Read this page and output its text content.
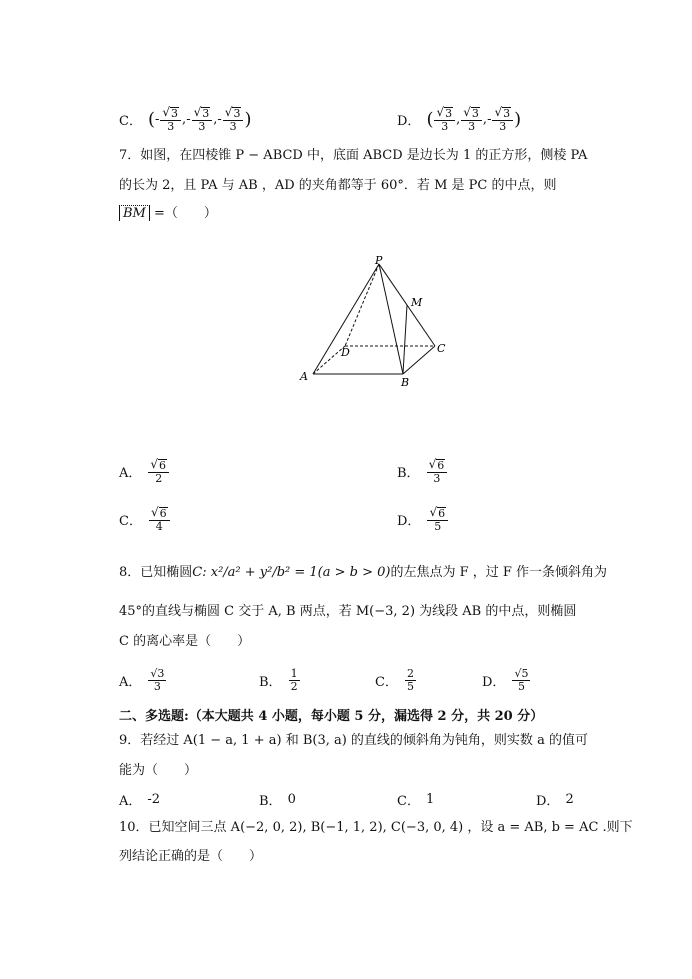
C． ( - $\frac{√ 3}{3}$ , - $\frac{√ 3}{3}$ , - $\frac{√ 3}{3}$ )	D． ( $\frac{√ 3}{3}$ , $\frac{√ 3}{3}$ , - $\frac{√ 3}{3}$ )
7．如图，在四棱锥 P − ABCD 中，底面 ABCD 是边长为 1 的正方形，侧棱 PA
的长为 2，且 PA 与 AB ，AD 的夹角都等于 60°．若 M 是 PC 的中点，则
BM =（　　）
P
M
D	C
A	B
A． $\frac{√ 6}{2}$	B． $\frac{√ 6}{3}$
C． $\frac{√ 6}{4}$	D． $\frac{√ 6}{5}$
8．已知椭圆C: x²/a² + y²/b² = 1(a > b > 0)的左焦点为 F ，过 F 作一条倾斜角为
45°的直线与椭圆 C 交于 A, B 两点，若 M(−3, 2) 为线段 AB 的中点，则椭圆
C 的离心率是（　　）
A． $\frac{√3}{3}$	B． $\frac{1}{2}$	C． $\frac{2}{5}$	D． $\frac{√5}{5}$
二、多选题:（本大题共 4 小题，每小题 5 分，漏选得 2 分，共 20 分）
9．若经过 A(1 − a, 1 + a) 和 B(3, a) 的直线的倾斜角为钝角，则实数 a 的值可
能为（　　）
A． -2	B． 0	C． 1	D． 2
10．已知空间三点 A(−2, 0, 2), B(−1, 1, 2), C(−3, 0, 4) ，设 a = AB, b = AC .则下
列结论正确的是（　　）
